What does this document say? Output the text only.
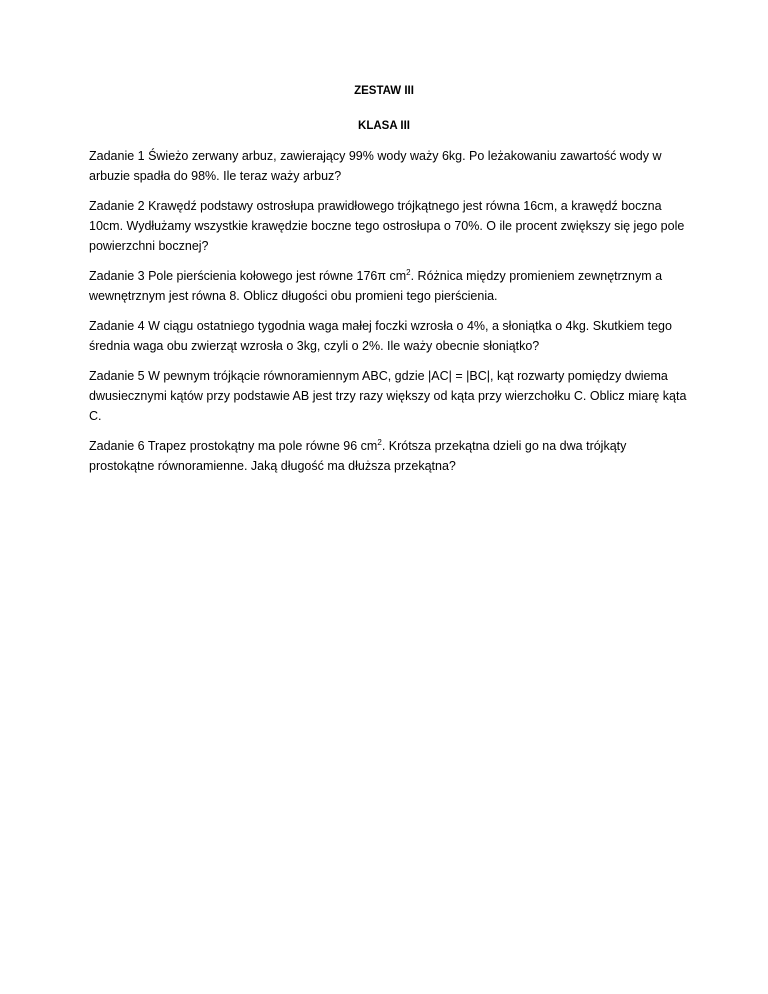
ZESTAW III
KLASA III

Zadanie 1 Świeżo zerwany arbuz, zawierający 99% wody waży 6kg. Po leżakowaniu zawartość wody w arbuzie spadła do 98%. Ile teraz waży arbuz?

Zadanie 2 Krawędź podstawy ostrosłupa prawidłowego trójkątnego jest równa 16cm, a krawędź boczna 10cm. Wydłużamy wszystkie krawędzie boczne tego ostrosłupa o 70%. O ile procent zwiększy się jego pole powierzchni bocznej?

Zadanie 3 Pole pierścienia kołowego jest równe 176π $cm^2$. Różnica między promieniem zewnętrznym a wewnętrznym jest równa 8. Oblicz długości obu promieni tego pierścienia.

Zadanie 4 W ciągu ostatniego tygodnia waga małej foczki wzrosła o 4%, a słoniątka o 4kg. Skutkiem tego średnia waga obu zwierząt wzrosła o 3kg, czyli o 2%. Ile waży obecnie słoniątko?

Zadanie 5 W pewnym trójkącie równoramiennym ABC, gdzie |AC| = |BC|, kąt rozwarty pomiędzy dwiema dwusiecznymi kątów przy podstawie AB jest trzy razy większy od kąta przy wierzchołku C. Oblicz miarę kąta C.

Zadanie 6 Trapez prostokątny ma pole równe 96 $cm^2$. Krótsza przekątna dzieli go na dwa trójkąty prostokątne równoramienne. Jaką długość ma dłuższa przekątna?
